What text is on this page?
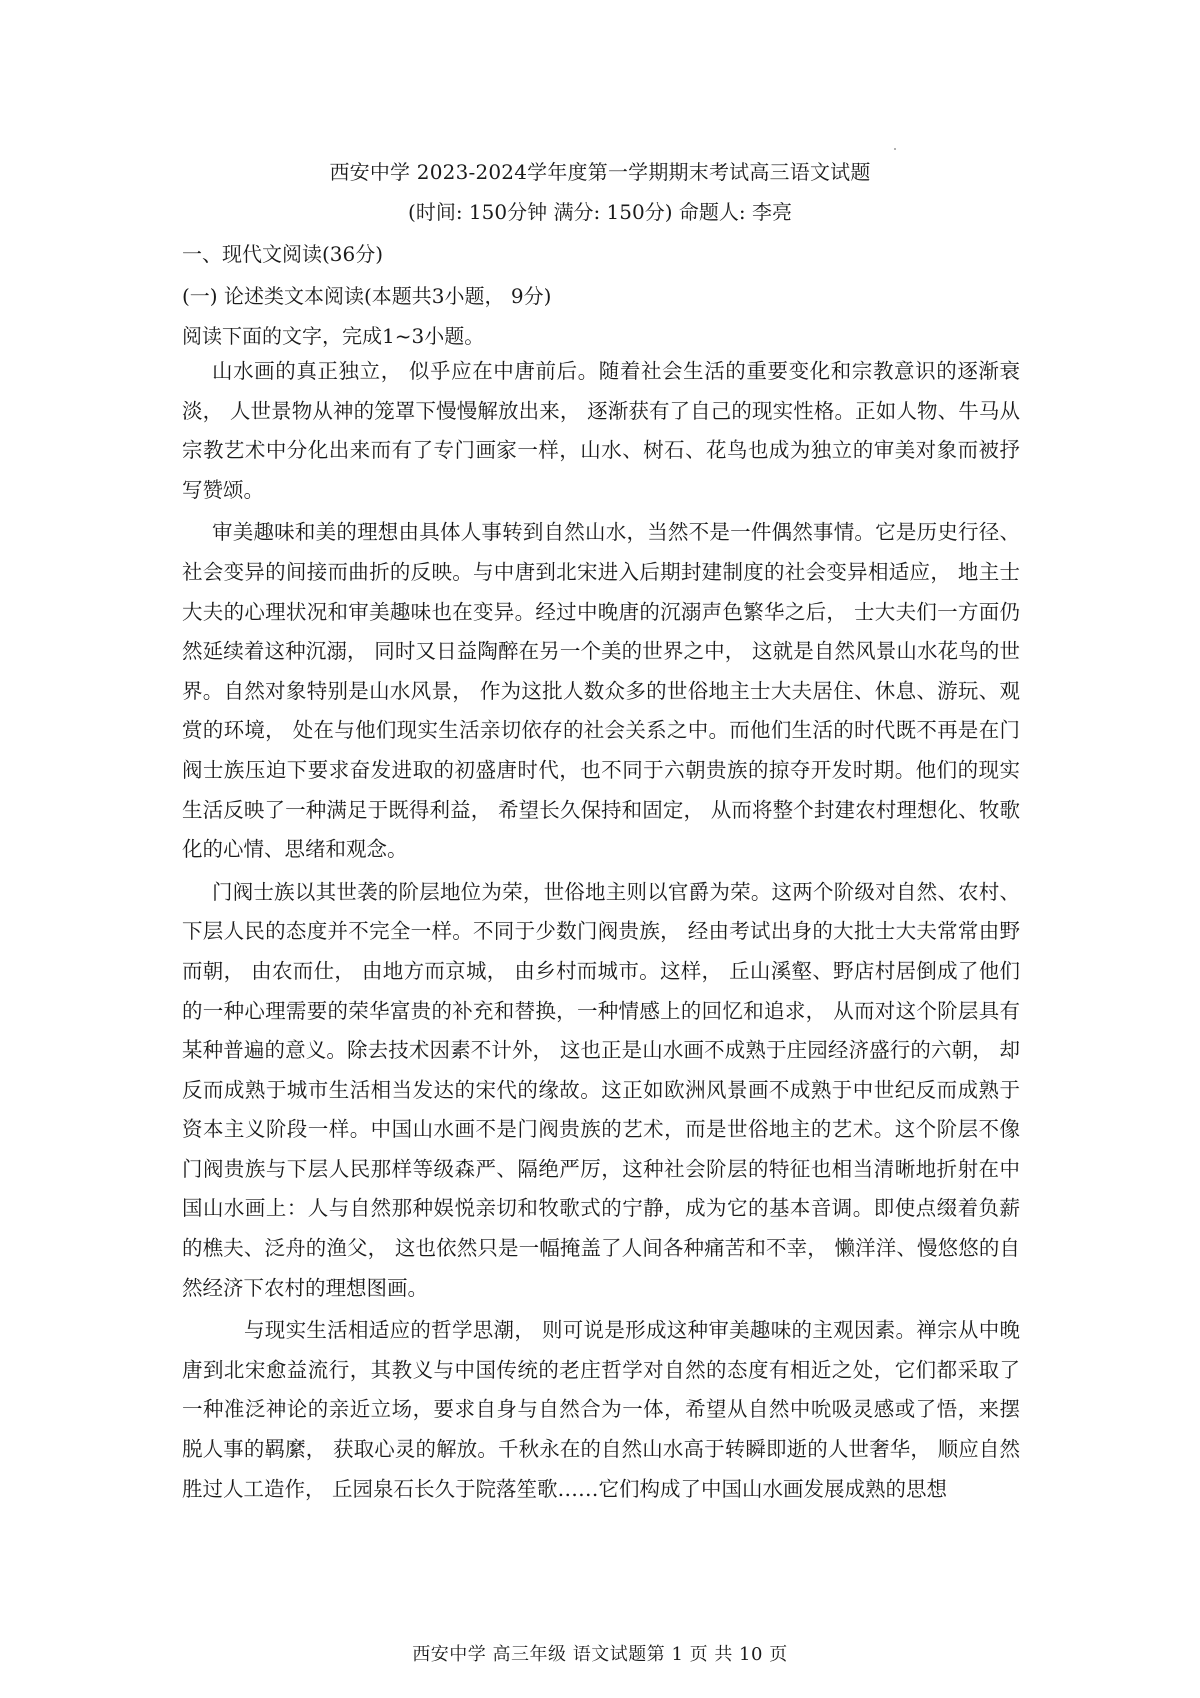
西安中学 2023-2024学年度第一学期期末考试高三语文试题
(时间: 150分钟 满分: 150分) 命题人: 李亮
一、现代文阅读(36分)
(一) 论述类文本阅读(本题共3小题， 9分)
阅读下面的文字，完成1~3小题。

山水画的真正独立， 似乎应在中唐前后。随着社会生活的重要变化和宗教意识的逐渐衰淡， 人世景物从神的笼罩下慢慢解放出来， 逐渐获有了自己的现实性格。正如人物、牛马从宗教艺术中分化出来而有了专门画家一样，山水、树石、花鸟也成为独立的审美对象而被抒写赞颂。

审美趣味和美的理想由具体人事转到自然山水，当然不是一件偶然事情。它是历史行径、社会变异的间接而曲折的反映。与中唐到北宋进入后期封建制度的社会变异相适应， 地主士大夫的心理状况和审美趣味也在变异。经过中晚唐的沉溺声色繁华之后， 士大夫们一方面仍然延续着这种沉溺， 同时又日益陶醉在另一个美的世界之中， 这就是自然风景山水花鸟的世界。自然对象特别是山水风景， 作为这批人数众多的世俗地主士大夫居住、休息、游玩、观赏的环境， 处在与他们现实生活亲切依存的社会关系之中。而他们生活的时代既不再是在门阀士族压迫下要求奋发进取的初盛唐时代，也不同于六朝贵族的掠夺开发时期。他们的现实生活反映了一种满足于既得利益， 希望长久保持和固定， 从而将整个封建农村理想化、牧歌化的心情、思绪和观念。

门阀士族以其世袭的阶层地位为荣，世俗地主则以官爵为荣。这两个阶级对自然、农村、下层人民的态度并不完全一样。不同于少数门阀贵族， 经由考试出身的大批士大夫常常由野而朝， 由农而仕， 由地方而京城， 由乡村而城市。这样， 丘山溪壑、野店村居倒成了他们的一种心理需要的荣华富贵的补充和替换，一种情感上的回忆和追求， 从而对这个阶层具有某种普遍的意义。除去技术因素不计外， 这也正是山水画不成熟于庄园经济盛行的六朝， 却反而成熟于城市生活相当发达的宋代的缘故。这正如欧洲风景画不成熟于中世纪反而成熟于资本主义阶段一样。中国山水画不是门阀贵族的艺术，而是世俗地主的艺术。这个阶层不像门阀贵族与下层人民那样等级森严、隔绝严厉，这种社会阶层的特征也相当清晰地折射在中国山水画上：人与自然那种娱悦亲切和牧歌式的宁静，成为它的基本音调。即使点缀着负薪的樵夫、泛舟的渔父， 这也依然只是一幅掩盖了人间各种痛苦和不幸， 懒洋洋、慢悠悠的自然经济下农村的理想图画。

与现实生活相适应的哲学思潮， 则可说是形成这种审美趣味的主观因素。禅宗从中晚唐到北宋愈益流行，其教义与中国传统的老庄哲学对自然的态度有相近之处，它们都采取了一种准泛神论的亲近立场，要求自身与自然合为一体，希望从自然中吮吸灵感或了悟，来摆脱人事的羁縻， 获取心灵的解放。千秋永在的自然山水高于转瞬即逝的人世奢华， 顺应自然胜过人工造作， 丘园泉石长久于院落笙歌……它们构成了中国山水画发展成熟的思想

西安中学 高三年级 语文试题第 1 页 共 10 页
